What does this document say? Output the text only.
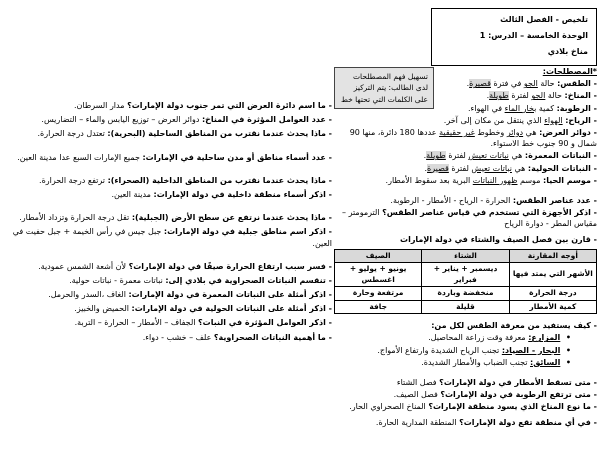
تلخيص - الفصل الثالث
الوحدة الخامسة – الدرس: 1
مناخ بلادي
تسهيل فهم المصطلحات لدى الطالب: يتم التركيز على الكلمات التي تحتها خط
*المصطلحات:
- الطقس: حالة الجو في فترة قصيرة.
- المناخ: حالة الجو لفترة طويلة.
- الرطوبة: كمية بخار الماء في الهواء.
- الرياح: الهواء الذي ينتقل من مكان إلى آخر.
- دوائر العرض: هي دوائر وخطوط غير حقيقية عددها 180 دائرة، منها 90 شمال و 90 جنوب خط الاستواء.
- النباتات المعمرة: هي نباتات تعيش لفترة طويلة.
- النباتات الحولية: هي نباتات تعيش لفترة قصيرة.
- موسم الحيا: موسم ظهور النباتات البرية بعد سقوط الأمطار.
- عدد عناصر الطقس: الحرارة - الرياح - الأمطار - الرطوبة.
- اذكر الأجهزة التي تستخدم في قياس عناصر الطقس؟ الترمومتر – مقياس المطر - دوارة الرياح
- قارن بين فصل الصيف والشتاء في دولة الإمارات
أوجه المقارنة	الشتاء	الصيف
الأشهر التي يمتد فيها	ديسمبر + يناير + فبراير	يونيو + يوليو + اغسطس
درجة الحرارة	منخفضة وباردة	مرتفعة وحارة
كمية الأمطار	قليلة	جافة
- كيف يستفيد من معرفة الطقس لكل من:
•  المزارع: معرفة وقت زراعة المحاصيل.
•  البحار - الصياد: تجنب الرياح الشديدة وارتفاع الأمواج.
•  السائق: تجنب الضباب والأمطار الشديدة.
- متى تسقط الأمطار في دولة الإمارات؟ فصل الشتاء
- متى ترتفع الرطوبة في دولة الإمارات؟ فصل الصيف.
- ما نوع المناخ الذي يسود منطقة الإمارات؟ المناخ الصحراوي الحار.
- في أي منطقة تقع دولة الإمارات؟ المنطقة المدارية الحارة.
- ما اسم دائرة العرض التي تمر جنوب دولة الإمارات؟ مدار السرطان.
- عدد العوامل المؤثرة في المناخ: دوائر العرض – توزيع اليابس والماء – التضاريس.
- ماذا يحدث عندما نقترب من المناطق الساحلية (البحرية): تعتدل درجة الحرارة.
- عدد أسماء مناطق أو مدن ساحلية في الإمارات: جميع الإمارات السبع عدا مدينة العين.
- ماذا يحدث عندما نقترب من المناطق الداخلية (الصحراء): ترتفع درجة الحرارة.
- اذكر أسماء منطقة داخلية في دولة الإمارات: مدينة العين.
- ماذا يحدث عندما نرتفع عن سطح الأرض (الجبلية): تقل درجة الحرارة وتزداد الأمطار.
- اذكر اسم مناطق جبلية في دولة الإمارات: جبل جيس في رأس الخيمة + جبل حفيت في العين.
- فسر سبب ارتفاع الحرارة صيفًا في دولة الإمارات؟ لأن أشعة الشمس عمودية.
- تنقسم النباتات الصحراوية في بلادي إلى: نباتات معمرة - نباتات حولية.
- اذكر أمثلة على النباتات المعمرة في دولة الإمارات: الغاف ،السدر والحرمل.
- اذكر أمثلة على النباتات الحولية في دولة الإمارات: الحميض والخبيز.
- اذكر العوامل المؤثرة في النبات؟ الجفاف – الأمطار – الحرارة – التربة.
- ما أهمية النباتات الصحراوية؟ علف – خشب - دواء.
